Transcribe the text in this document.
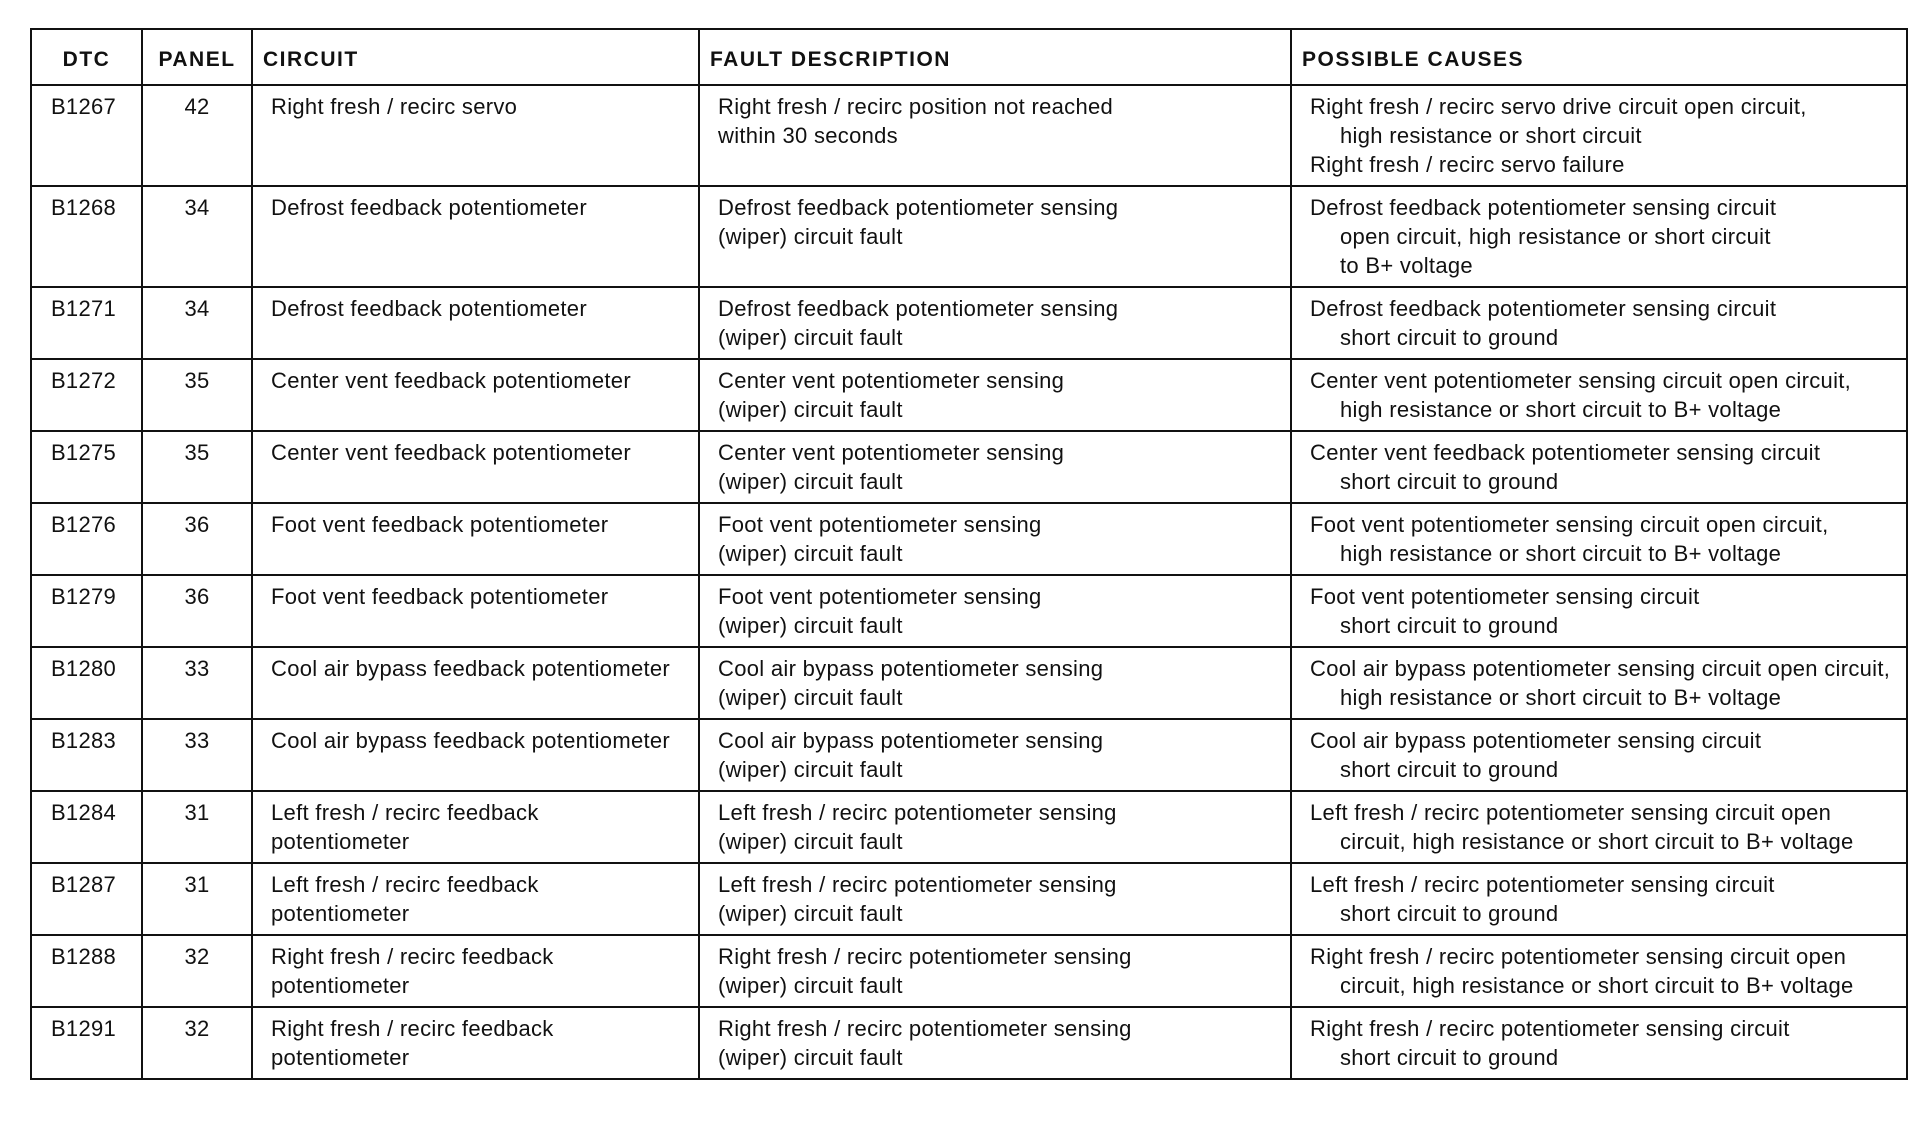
DTC	PANEL	CIRCUIT	FAULT DESCRIPTION	POSSIBLE CAUSES
B1267	42	Right fresh / recirc servo	Right fresh / recirc position not reached
within 30 seconds	Right fresh / recirc servo drive circuit open circuit,
high resistance or short circuit
Right fresh / recirc servo failure

B1268	34	Defrost feedback potentiometer	Defrost feedback potentiometer sensing
(wiper) circuit fault	Defrost feedback potentiometer sensing circuit
open circuit, high resistance or short circuit
to B+ voltage

B1271	34	Defrost feedback potentiometer	Defrost feedback potentiometer sensing
(wiper) circuit fault	Defrost feedback potentiometer sensing circuit
short circuit to ground

B1272	35	Center vent feedback potentiometer	Center vent potentiometer sensing
(wiper) circuit fault	Center vent potentiometer sensing circuit open circuit,
high resistance or short circuit to B+ voltage

B1275	35	Center vent feedback potentiometer	Center vent potentiometer sensing
(wiper) circuit fault	Center vent feedback potentiometer sensing circuit
short circuit to ground

B1276	36	Foot vent feedback potentiometer	Foot vent potentiometer sensing
(wiper) circuit fault	Foot vent potentiometer sensing circuit open circuit,
high resistance or short circuit to B+ voltage

B1279	36	Foot vent feedback potentiometer	Foot vent potentiometer sensing
(wiper) circuit fault	Foot vent potentiometer sensing circuit
short circuit to ground

B1280	33	Cool air bypass feedback potentiometer	Cool air bypass potentiometer sensing
(wiper) circuit fault	Cool air bypass potentiometer sensing circuit open circuit,
high resistance or short circuit to B+ voltage

B1283	33	Cool air bypass feedback potentiometer	Cool air bypass potentiometer sensing
(wiper) circuit fault	Cool air bypass potentiometer sensing circuit
short circuit to ground

B1284	31	Left fresh / recirc feedback
potentiometer	Left fresh / recirc potentiometer sensing
(wiper) circuit fault	Left fresh / recirc potentiometer sensing circuit open
circuit, high resistance or short circuit to B+ voltage

B1287	31	Left fresh / recirc feedback
potentiometer	Left fresh / recirc potentiometer sensing
(wiper) circuit fault	Left fresh / recirc potentiometer sensing circuit
short circuit to ground

B1288	32	Right fresh / recirc feedback
potentiometer	Right fresh / recirc potentiometer sensing
(wiper) circuit fault	Right fresh / recirc potentiometer sensing circuit open
circuit, high resistance or short circuit to B+ voltage

B1291	32	Right fresh / recirc feedback
potentiometer	Right fresh / recirc potentiometer sensing
(wiper) circuit fault	Right fresh / recirc potentiometer sensing circuit
short circuit to ground
